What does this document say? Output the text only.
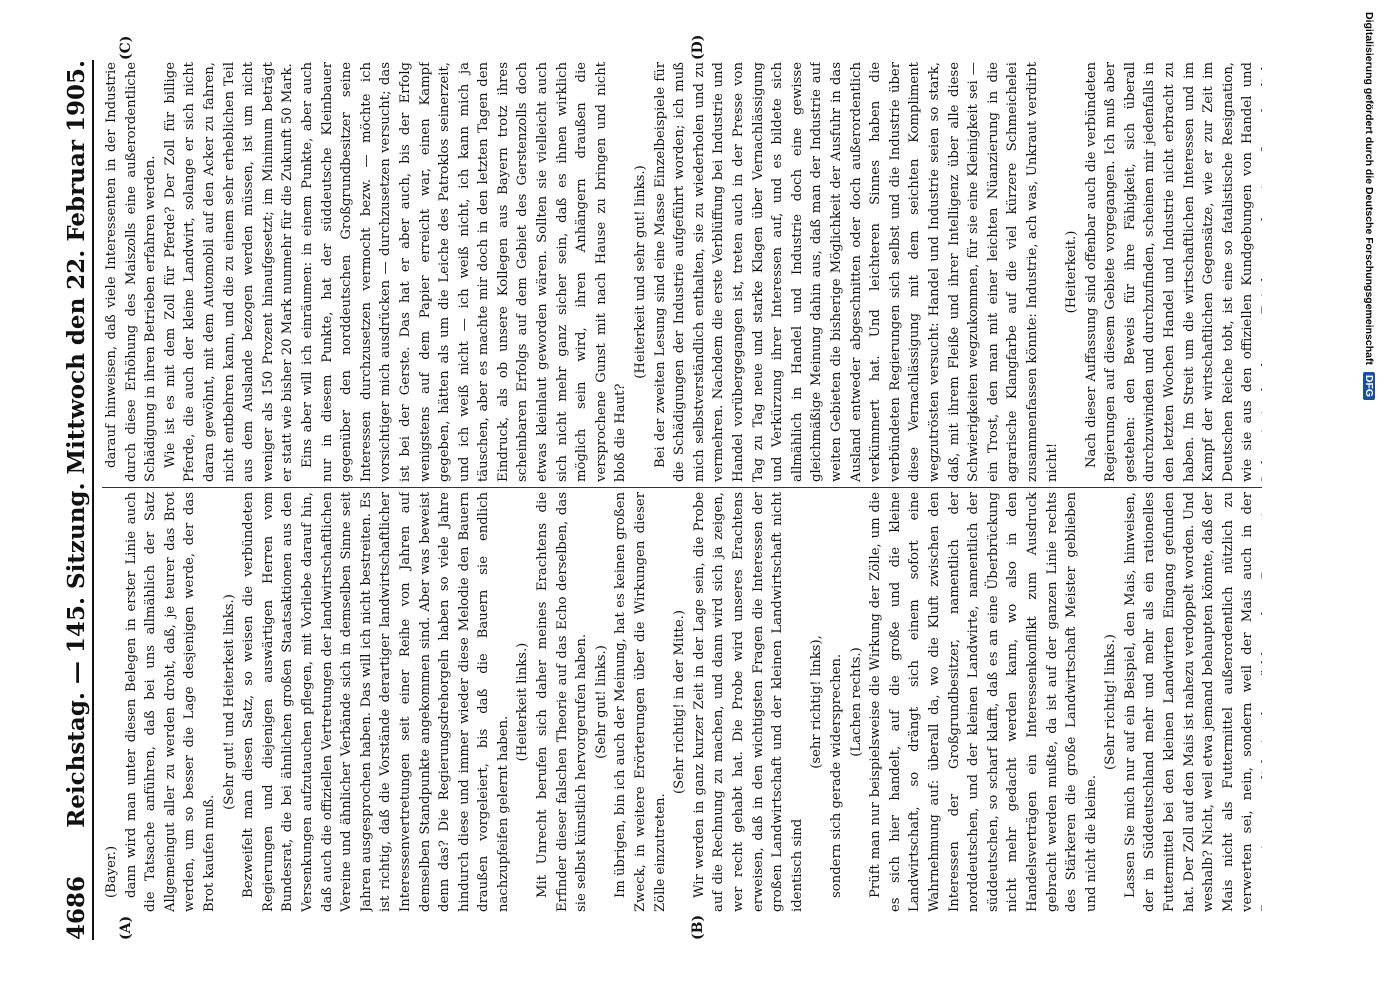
4686
Reichstag. — 145. Sitzung. Mittwoch den 22. Februar 1905.
(A)	(B)
(C)	(D)

(Bayer.) dann wird man unter diesen Belegen in erster Linie auch die Tatsache anführen, daß bei uns allmählich der Satz Allgemeingut aller zu werden droht, daß, je teurer das Brot werden, um so besser die Lage desjenigen werde, der das Brot kaufen muß.

(Sehr gut! und Heiterkeit links.) Bezweifelt man diesen Satz, so weisen die verbündeten Regierungen und diejenigen auswärtigen Herren vom Bundesrat, die bei ähnlichen großen Staatsaktionen aus den Versenkungen aufzutauchen pflegen, mit Vorliebe darauf hin, daß auch die offiziellen Vertretungen der landwirtschaftlichen Vereine und ähnlicher Verbände sich in demselben Sinne seit Jahren ausgesprochen haben. Das will ich nicht bestreiten. Es ist richtig, daß die Vorstände derartiger landwirtschaftlicher Interessenvertretungen seit einer Reihe von Jahren auf demselben Standpunkte angekommen sind. Aber was beweist denn das? Die Regierungsdrehorgeln haben so viele Jahre hindurch diese und immer wieder diese Melodie den Bauern draußen vorgeleiert, bis daß die Bauern sie endlich nachzupfeifen gelernt haben.

(Heiterkeit links.) Mit Unrecht berufen sich daher meines Erachtens die Erfinder dieser falschen Theorie auf das Echo derselben, das sie selbst künstlich hervorgerufen haben. (Sehr gut! links.) Im übrigen, bin ich auch der Meinung, hat es keinen großen Zweck, in weitere Erörterungen über die Wirkungen dieser Zölle einzutreten.

(Sehr richtig! in der Mitte.) Wir werden in ganz kurzer Zeit in der Lage sein, die Probe auf die Rechnung zu machen, und dann wird sich ja zeigen, wer recht gehabt hat. Die Probe wird unseres Erachtens erweisen, daß in den wichtigsten Fragen die Interessen der großen Landwirtschaft und der kleinen Landwirtschaft nicht identisch sind

(sehr richtig! links), sondern sich gerade widersprechen. (Lachen rechts.) Prüft man nur beispielsweise die Wirkung der Zölle, um die es sich hier handelt, auf die große und die kleine Landwirtschaft, so drängt sich einem sofort eine Wahrnehmung auf: überall da, wo die Kluft zwischen den Interessen der Großgrundbesitzer, namentlich der norddeutschen, und der kleinen Landwirte, namentlich der süddeutschen, so scharf klafft, daß es an eine Überbrückung nicht mehr gedacht werden kann, wo also in den Handelsverträgen ein Interessenkonflikt zum Ausdruck gebracht werden mußte, da ist auf der ganzen Linie rechts des Stärkeren die große Landwirtschaft Meister geblieben und nicht die kleine.

(Sehr richtig! links.)

Lassen Sie mich nur auf ein Beispiel, den Mais, hinweisen, der in Süddeutschland mehr und mehr als ein rationelles Futtermittel bei den kleinen Landwirten Eingang gefunden hat. Der Zoll auf den Mais ist nahezu verdoppelt worden. Und weshalb? Nicht, weil etwa jemand behaupten könnte, daß der Mais nicht als Futtermittel außerordentlich nützlich zu verwerten sei, nein, sondern weil der Mais auch in der

darauf hinweisen, daß viele Interessenten in der Industrie durch diese Erhöhung des Maiszolls eine außerordentliche Schädigung in ihren Betrieben erfahren werden. Wie ist es mit dem Zoll für Pferde? Der Zoll für billige Pferde, die auch der kleine Landwirt, solange er sich nicht daran gewöhnt, mit dem Automobil auf den Acker zu fahren, nicht entbehren kann, und die zu einem sehr erheblichen Teil aus dem Auslande bezogen werden müssen, ist um nicht weniger als 150 Prozent hinaufgesetzt; im Minimum beträgt er statt wie bisher 20 Mark nunmehr für die Zukunft 50 Mark. Eins aber will ich einräumen: in einem Punkte, aber auch nur in diesem Punkte, hat der süddeutsche Kleinbauer gegenüber den norddeutschen Großgrundbesitzer seine Interessen durchzusetzen vermocht bezw. — möchte ich vorsichtiger mich ausdrücken — durchzusetzen versucht; das ist bei der Gerste. Das hat er aber auch, bis der Erfolg wenigstens auf dem Papier erreicht war, einen Kampf gegeben, hätten als um die Leiche des Patroklos seinerzeit, und ich weiß nicht — ich weiß nicht, ich kann mich ja täuschen, aber es machte mir doch in den letzten Tagen den Eindruck, als ob unsere Kollegen aus Bayern trotz ihres scheinbaren Erfolgs auf dem Gebiet des Gerstenzolls doch etwas kleinlaut geworden wären. Sollten sie vielleicht auch sich nicht mehr ganz sicher sein, daß es ihnen wirklich möglich sein wird, ihren Anhängern draußen die versprochene Gunst mit nach Hause zu bringen und nicht bloß die Haut?

(Heiterkeit und sehr gut! links.) Bei der zweiten Lesung sind eine Masse Einzelbeispiele für die Schädigungen der Industrie aufgeführt worden; ich muß mich selbstverständlich enthalten, sie zu wiederholen und zu vermehren. Nachdem die erste Verblüffung bei Industrie und Handel vorübergegangen ist, treten auch in der Presse von Tag zu Tag neue und starke Klagen über Vernachlässigung und Verkürzung ihrer Interessen auf, und es bildete sich allmählich in Handel und Industrie doch eine gewisse gleichmäßige Meinung dahin aus, daß man der Industrie auf weiten Gebieten die bisherige Möglichkeit der Ausfuhr in das Ausland entweder abgeschnitten oder doch außerordentlich verkümmert hat. Und leichteren Sinnes haben die verbündeten Regierungen sich selbst und die Industrie über diese Vernachlässigung mit dem seichten Kompliment wegzutrösten versucht: Handel und Industrie seien so stark, daß, mit ihrem Fleiße und ihrer Intelligenz über alle diese Schwierigkeiten wegzukommen, für sie eine Kleinigkeit sei — ein Trost, den man mit einer leichten Nüanzierung in die agrarische Klangfarbe auf die viel kürzere Schmeichelei zusammenfassen könnte: Industrie, ach was, Unkraut verdirbt nicht!

(Heiterkeit.)

Nach dieser Auffassung sind offenbar auch die verbündeten Regierungen auf diesem Gebiete vorgegangen. Ich muß aber gestehen: den Beweis für ihre Fähigkeit, sich überall durchzuwinden und durchzufinden, scheinen mir jedenfalls in den letzten Wochen Handel und Industrie nicht erbracht zu haben. Im Streit um die wirtschaftlichen Interessen und im Kampf der wirtschaftlichen Gegensätze, wie er zur Zeit im Deutschen Reiche tobt, ist eine so fatalistische Resignation, wie sie aus den offiziellen Kundgebungen von Handel und	Digitalisierung gefördert durch die Deutsche Forschungsgemeinschaft DFG
